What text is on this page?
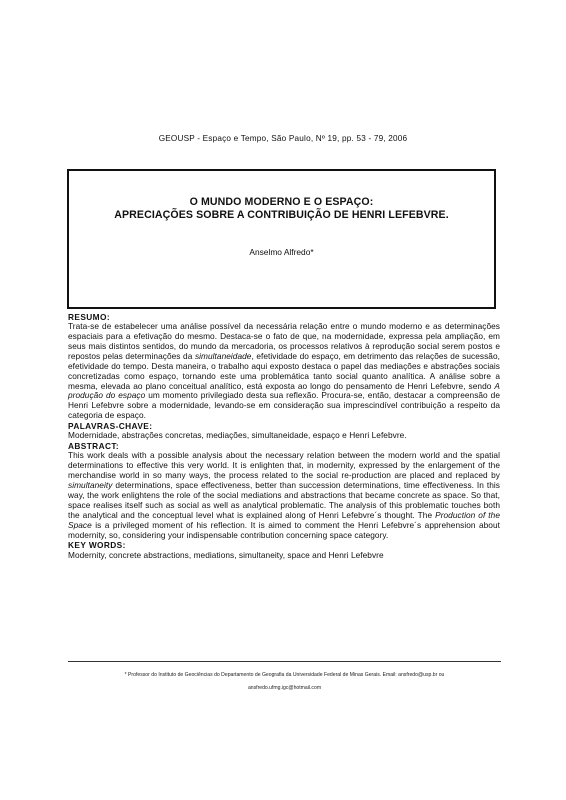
GEOUSP - Espaço e Tempo, São Paulo, Nº 19, pp. 53 - 79, 2006
O MUNDO MODERNO E O ESPAÇO:
APRECIAÇÕES SOBRE A CONTRIBUIÇÃO DE HENRI LEFEBVRE.
Anselmo Alfredo*
RESUMO:

Trata-se de estabelecer uma análise possível da necessária relação entre o mundo moderno e as determinações espaciais para a efetivação do mesmo. Destaca-se o fato de que, na modernidade, expressa pela ampliação, em seus mais distintos sentidos, do mundo da mercadoria, os processos relativos à reprodução social serem postos e repostos pelas determinações da simultaneidade, efetividade do espaço, em detrimento das relações de sucessão, efetividade do tempo. Desta maneira, o trabalho aqui exposto destaca o papel das mediações e abstrações sociais concretizadas como espaço, tornando este uma problemática tanto social quanto analítica. A análise sobre a mesma, elevada ao plano conceitual analítico, está exposta ao longo do pensamento de Henri Lefebvre, sendo A produção do espaço um momento privilegiado desta sua reflexão. Procura-se, então, destacar a compreensão de Henri Lefebvre sobre a modernidade, levando-se em consideração sua imprescindível contribuição a respeito da categoria de espaço.

PALAVRAS-CHAVE:

Modernidade, abstrações concretas, mediações, simultaneidade, espaço e Henri Lefebvre.

ABSTRACT:

This work deals with a possible analysis about the necessary relation between the modern world and the spatial determinations to effective this very world. It is enlighten that, in modernity, expressed by the enlargement of the merchandise world in so many ways, the process related to the social re-production are placed and replaced by simultaneity determinations, space effectiveness, better than succession determinations, time effectiveness. In this way, the work enlightens the role of the social mediations and abstractions that became concrete as space. So that, space realises itself such as social as well as analytical problematic. The analysis of this problematic touches both the analytical and the conceptual level what is explained along of Henri Lefebvre´s thought. The Production of the Space is a privileged moment of his reflection. It is aimed to comment the Henri Lefebvre´s apprehension about modernity, so, considering your indispensable contribution concerning space category.

KEY WORDS:

Modernity, concrete abstractions, mediations, simultaneity, space and Henri Lefebvre

* Professor do Instituto de Geociências do Departamento de Geografia da Universidade Federal de Minas Gerais. Email: ansfredo@usp.br ou
ansfredo.ufmg.igc@hotmail.com
